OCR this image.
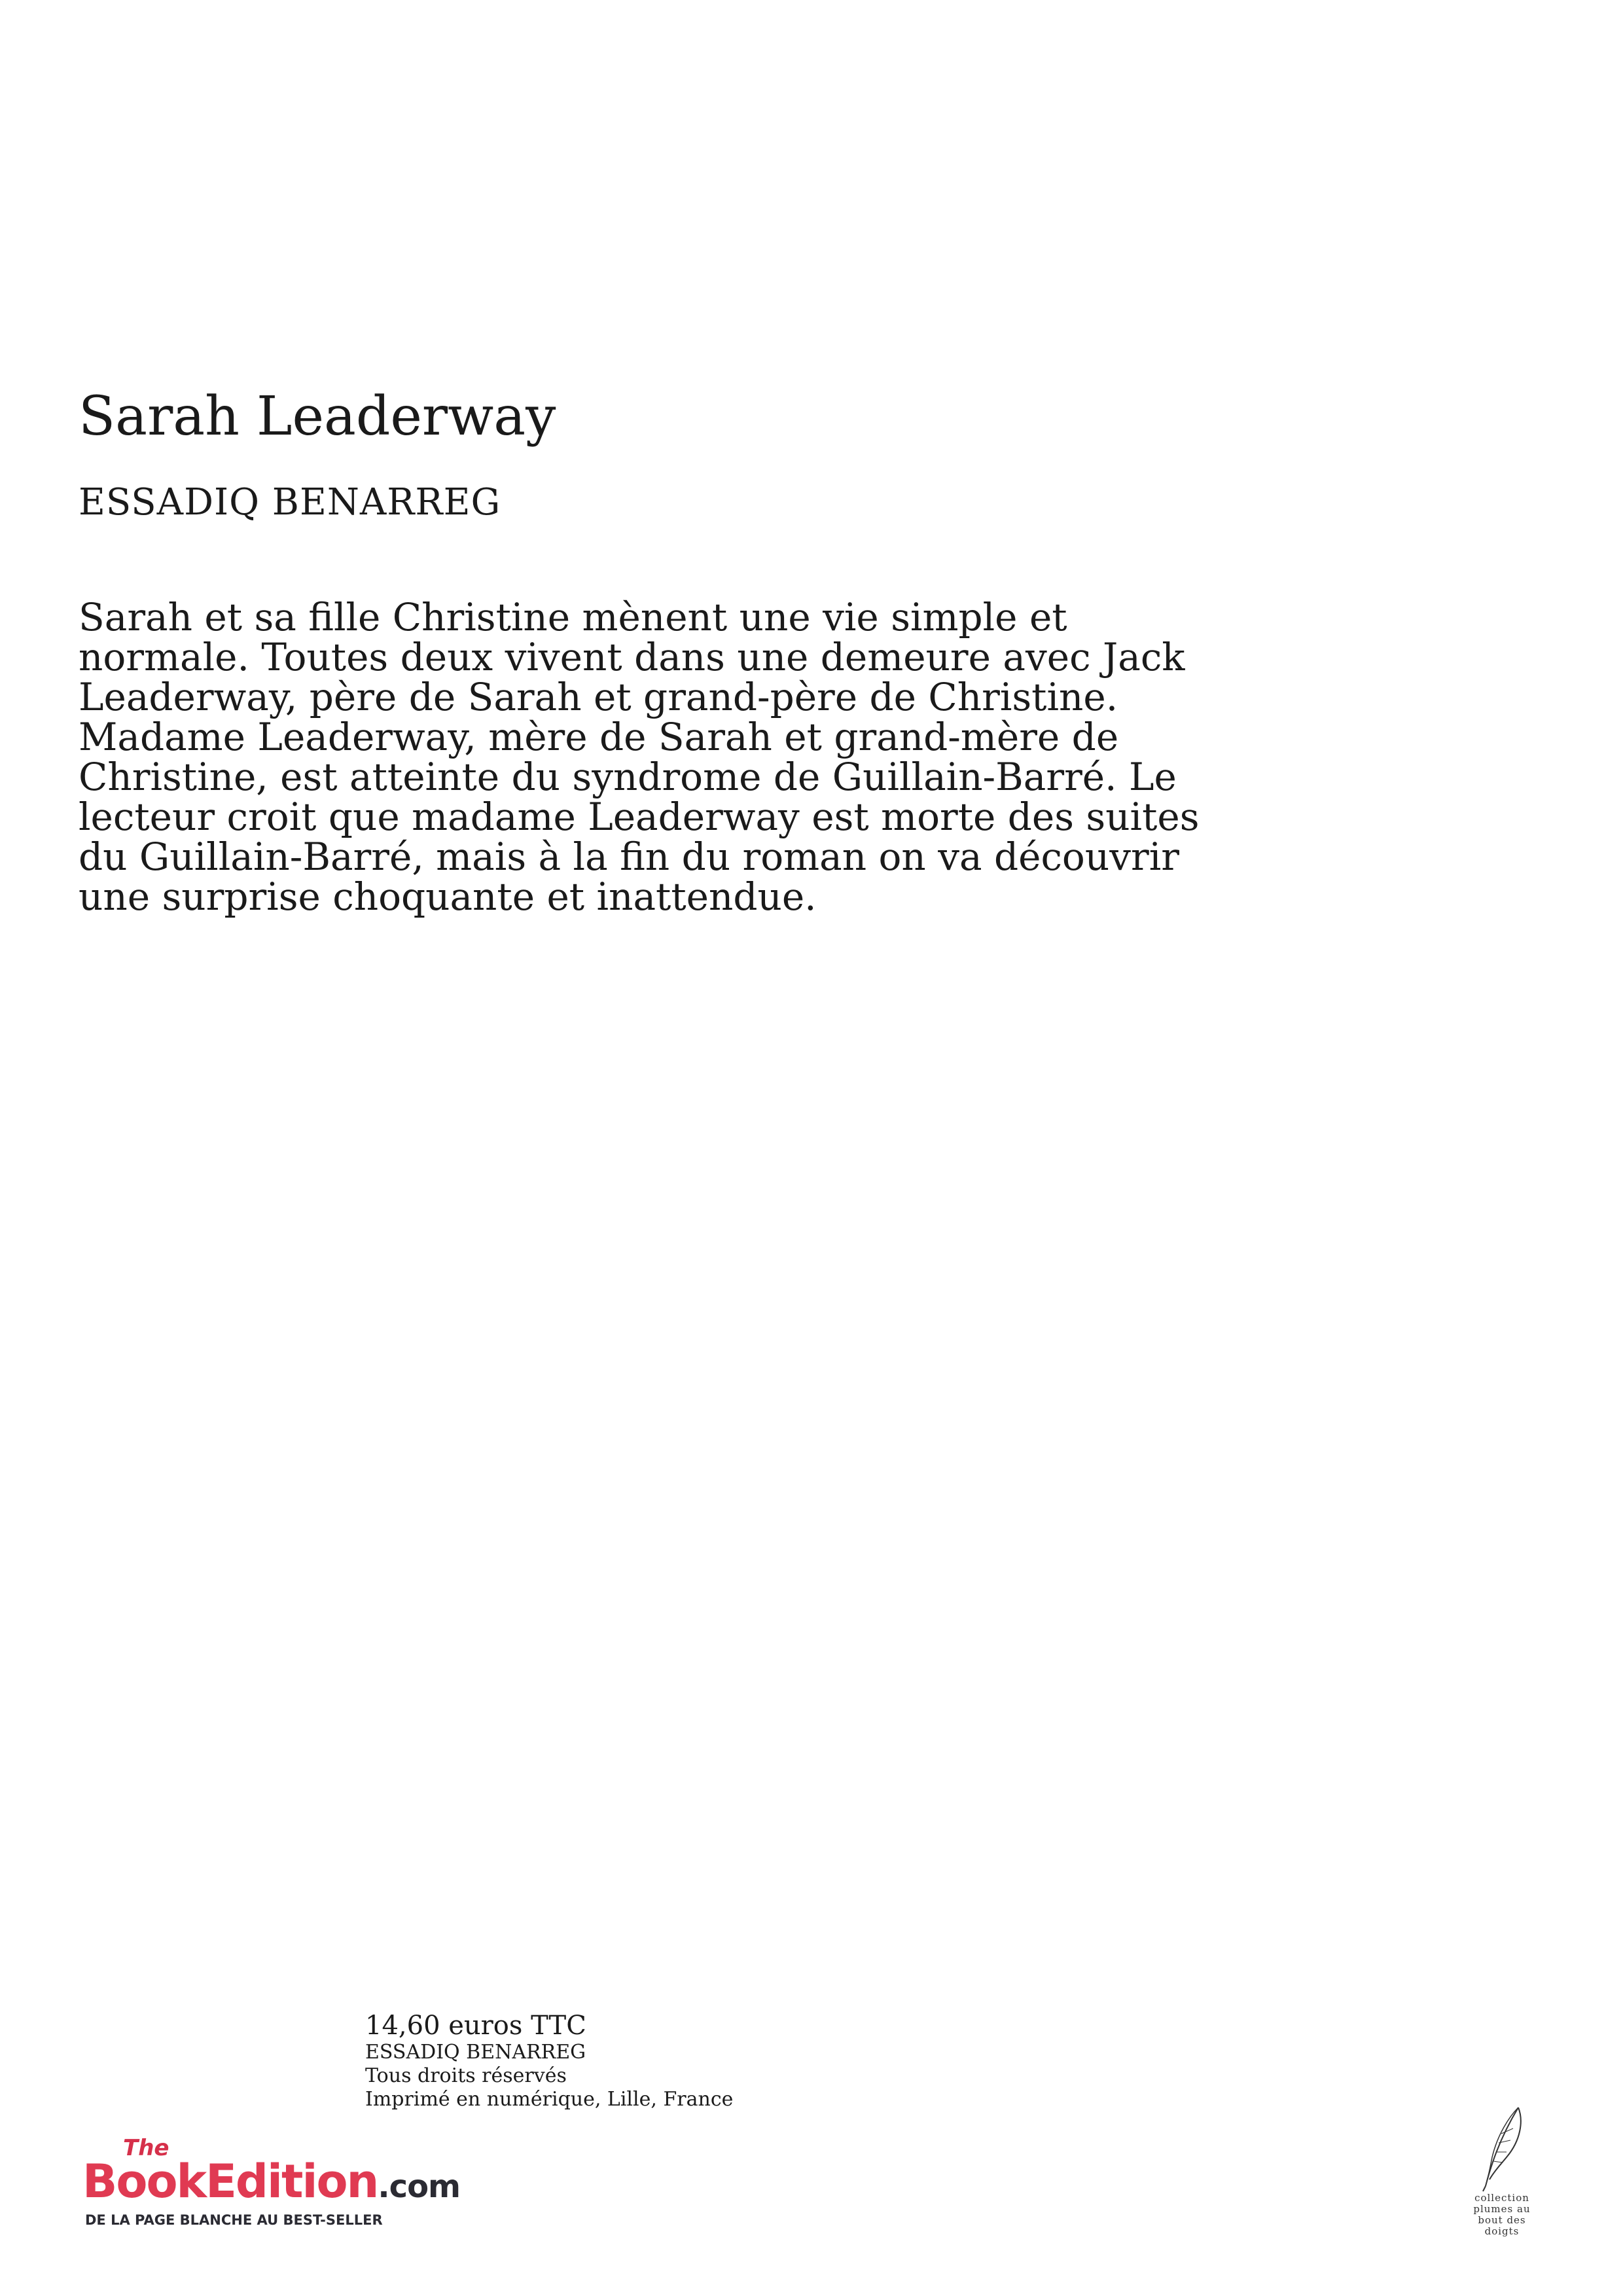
Sarah Leaderway
ESSADIQ BENARREG

Sarah et sa fille Christine mènent une vie simple et
normale. Toutes deux vivent dans une demeure avec Jack
Leaderway, père de Sarah et grand-père de Christine.
Madame Leaderway, mère de Sarah et grand-mère de
Christine, est atteinte du syndrome de Guillain-Barré. Le
lecteur croit que madame Leaderway est morte des suites
du Guillain-Barré, mais à la fin du roman on va découvrir
une surprise choquante et inattendue.

14,60 euros TTC
ESSADIQ BENARREG
Tous droits réservés
Imprimé en numérique, Lille, France
The
BookEdition.com
DE LA PAGE BLANCHE AU BEST-SELLER
collection
plumes au
bout des
doigts
